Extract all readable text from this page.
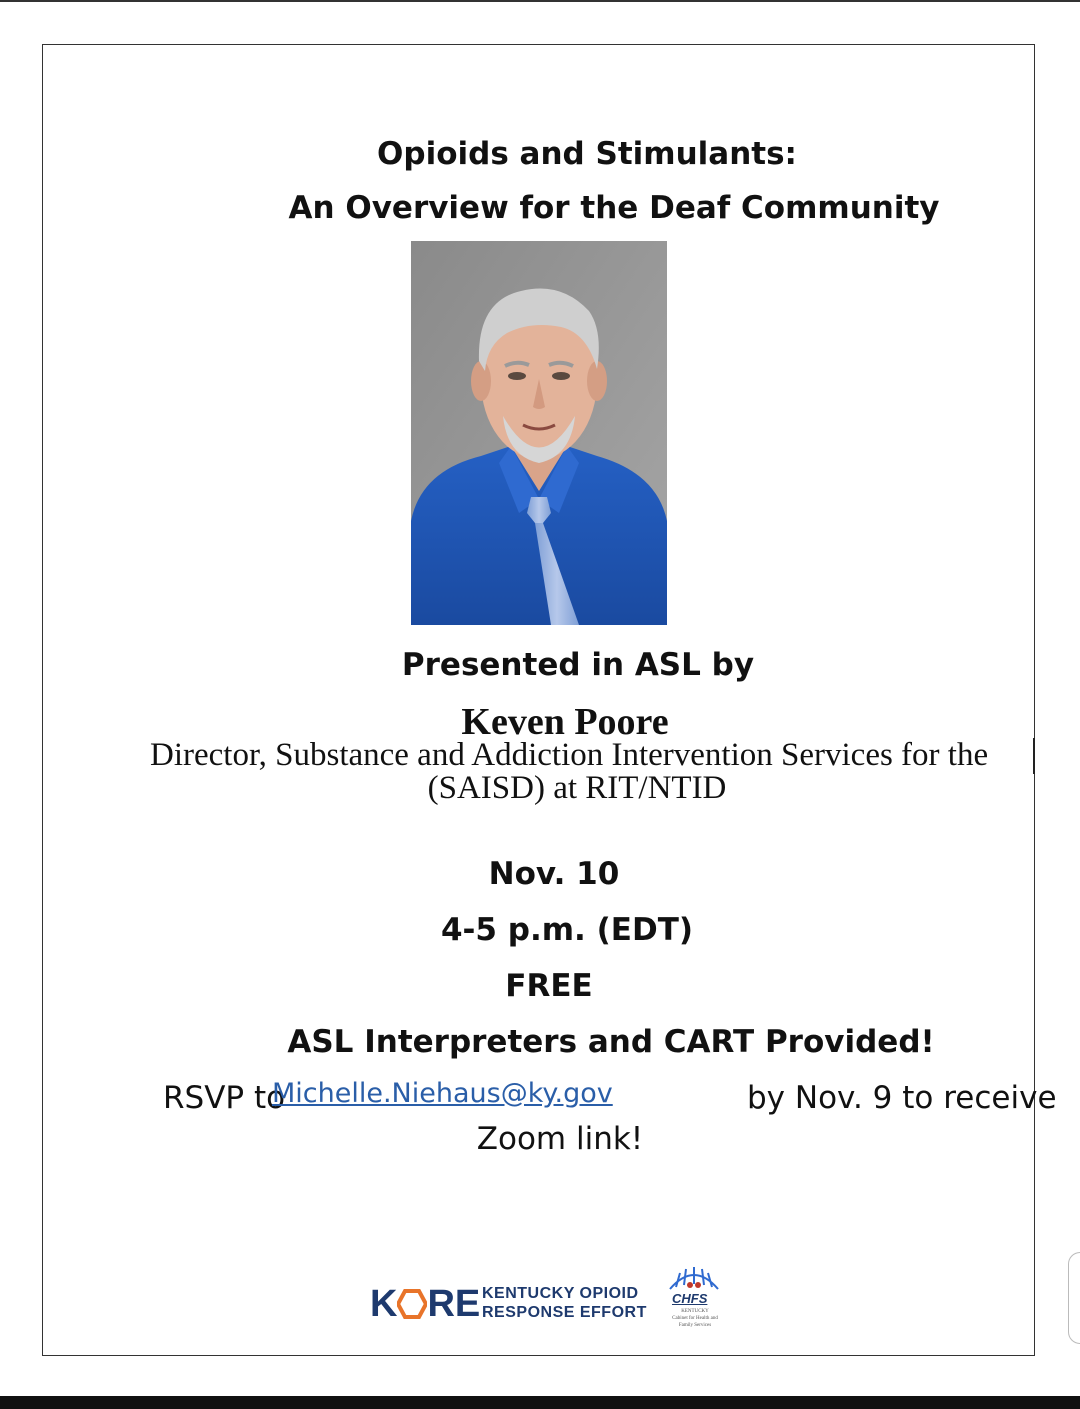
Opioids and Stimulants:
An Overview for the Deaf Community
Presented in ASL by
Keven Poore
Director, Substance and Addiction Intervention Services for the
(SAISD) at RIT/NTID
Nov. 10
4-5 p.m. (EDT)
FREE
ASL Interpreters and CART Provided!
RSVP to
Michelle.Niehaus@ky.gov	by Nov. 9 to receive
Zoom link!
K RE KENTUCKY OPIOID
RESPONSE EFFORT
CHFS
KENTUCKY
Cabinet for Health and
Family Services
